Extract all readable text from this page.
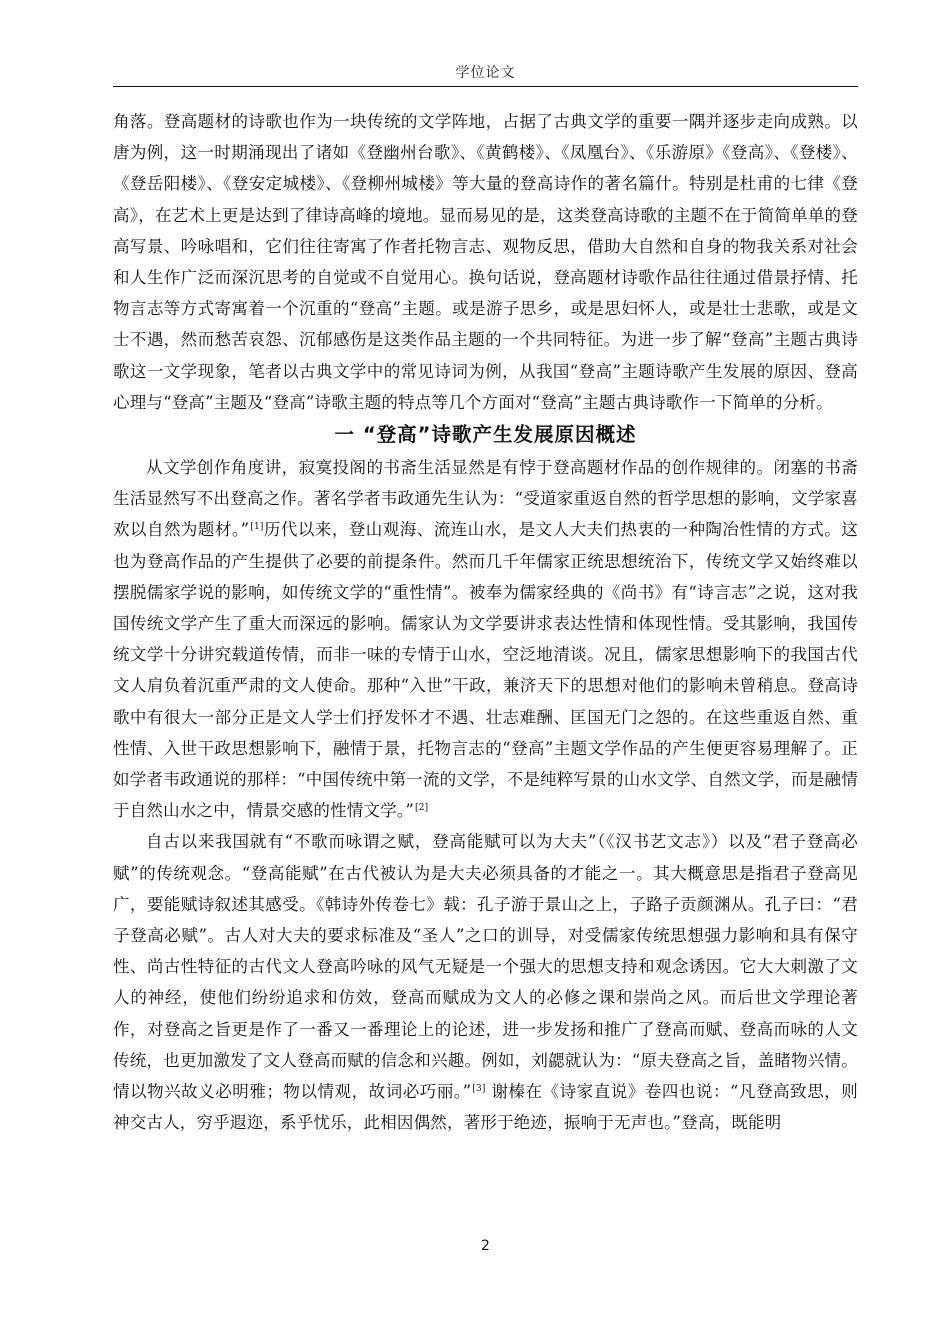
学位论文

角落。登高题材的诗歌也作为一块传统的文学阵地，占据了古典文学的重要一隅并逐步走向成熟。以唐为例，这一时期涌现出了诸如《登幽州台歌》、《黄鹤楼》、《凤凰台》、《乐游原》《登高》、《登楼》、《登岳阳楼》、《登安定城楼》、《登柳州城楼》等大量的登高诗作的著名篇什。特别是杜甫的七律《登高》，在艺术上更是达到了律诗高峰的境地。显而易见的是，这类登高诗歌的主题不在于简简单单的登高写景、吟咏唱和，它们往往寄寓了作者托物言志、观物反思，借助大自然和自身的物我关系对社会和人生作广泛而深沉思考的自觉或不自觉用心。换句话说，登高题材诗歌作品往往通过借景抒情、托物言志等方式寄寓着一个沉重的“登高”主题。或是游子思乡，或是思妇怀人，或是壮士悲歌，或是文士不遇，然而愁苦哀怨、沉郁感伤是这类作品主题的一个共同特征。为进一步了解“登高”主题古典诗歌这一文学现象，笔者以古典文学中的常见诗词为例，从我国“登高”主题诗歌产生发展的原因、登高心理与“登高”主题及“登高”诗歌主题的特点等几个方面对“登高”主题古典诗歌作一下简单的分析。

一 “登高”诗歌产生发展原因概述

从文学创作角度讲，寂寞投阁的书斋生活显然是有悖于登高题材作品的创作规律的。闭塞的书斋生活显然写不出登高之作。著名学者韦政通先生认为：“受道家重返自然的哲学思想的影响，文学家喜欢以自然为题材。”[1]历代以来，登山观海、流连山水，是文人大夫们热衷的一种陶冶性情的方式。这也为登高作品的产生提供了必要的前提条件。然而几千年儒家正统思想统治下，传统文学又始终难以摆脱儒家学说的影响，如传统文学的“重性情”。被奉为儒家经典的《尚书》有“诗言志”之说，这对我国传统文学产生了重大而深远的影响。儒家认为文学要讲求表达性情和体现性情。受其影响，我国传统文学十分讲究载道传情，而非一味的专情于山水，空泛地清谈。况且，儒家思想影响下的我国古代文人肩负着沉重严肃的文人使命。那种“入世”干政，兼济天下的思想对他们的影响未曾稍息。登高诗歌中有很大一部分正是文人学士们抒发怀才不遇、壮志难酬、匡国无门之怨的。在这些重返自然、重性情、入世干政思想影响下，融情于景，托物言志的“登高”主题文学作品的产生便更容易理解了。正如学者韦政通说的那样：“中国传统中第一流的文学，不是纯粹写景的山水文学、自然文学，而是融情于自然山水之中，情景交感的性情文学。”[2]

自古以来我国就有“不歌而咏谓之赋，登高能赋可以为大夫”（《汉书艺文志》）以及“君子登高必赋”的传统观念。“登高能赋”在古代被认为是大夫必须具备的才能之一。其大概意思是指君子登高见广，要能赋诗叙述其感受。《韩诗外传卷七》载：孔子游于景山之上，子路子贡颜渊从。孔子曰：“君子登高必赋”。古人对大夫的要求标准及“圣人”之口的训导，对受儒家传统思想强力影响和具有保守性、尚古性特征的古代文人登高吟咏的风气无疑是一个强大的思想支持和观念诱因。它大大刺激了文人的神经，使他们纷纷追求和仿效，登高而赋成为文人的必修之课和崇尚之风。而后世文学理论著作，对登高之旨更是作了一番又一番理论上的论述，进一步发扬和推广了登高而赋、登高而咏的人文传统，也更加激发了文人登高而赋的信念和兴趣。例如，刘勰就认为：“原夫登高之旨，盖睹物兴情。情以物兴故义必明雅；物以情观，故词必巧丽。”[3] 谢榛在《诗家直说》卷四也说：“凡登高致思，则神交古人，穷乎遐迩，系乎忧乐，此相因偶然，著形于绝迹，振响于无声也。”登高，既能明

2
